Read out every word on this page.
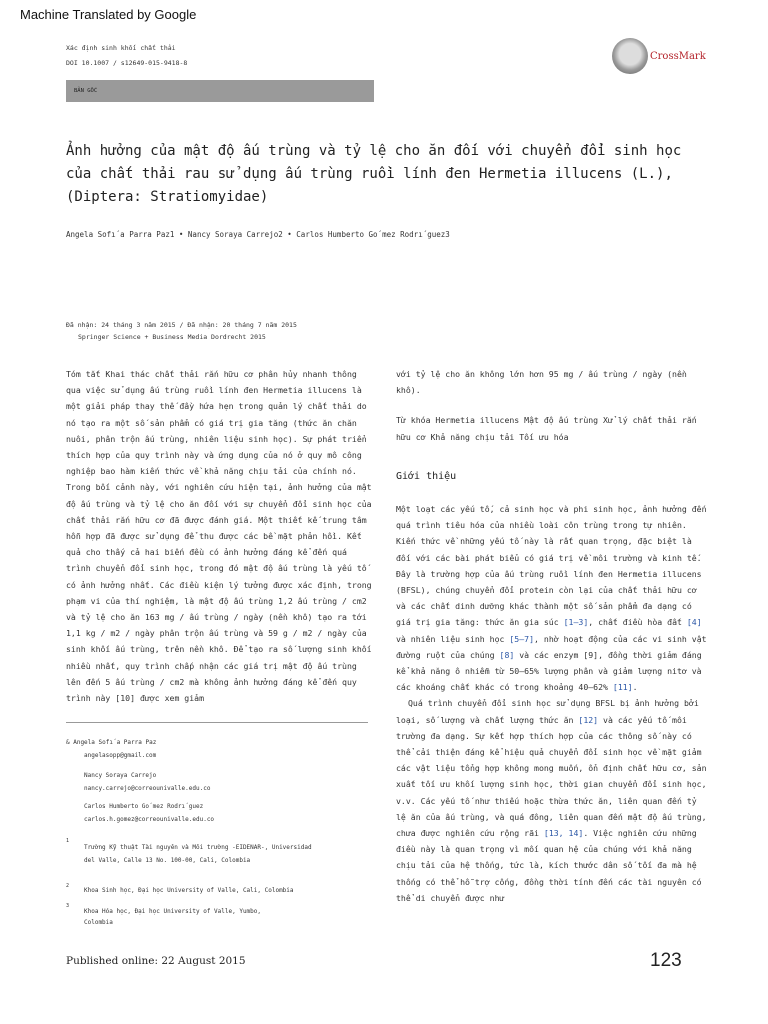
Machine Translated by Google
Xác định sinh khối chất thải
DOI 10.1007 / s12649-015-9418-8
CrossMark
BẢN GỐC
Ảnh hưởng của mật độ ấu trùng và tỷ lệ cho ăn đối với chuyển đổi sinh học của chất thải rau sử dụng ấu trùng ruồi lính đen Hermetia illucens (L.), (Diptera: Stratiomyidae)
Angela Sofı´a Parra Paz1 • Nancy Soraya Carrejo2 • Carlos Humberto Go´mez Rodrı´guez3
Đã nhận: 24 tháng 3 năm 2015 / Đã nhận: 20 tháng 7 năm 2015
Springer Science + Business Media Dordrecht 2015

Tóm tắt Khai thác chất thải rắn hữu cơ phân hủy nhanh thông qua việc sử dụng ấu trùng ruồi lính đen Hermetia illucens là một giải pháp thay thế đầy hứa hẹn trong quản lý chất thải do nó tạo ra một số sản phẩm có giá trị gia tăng (thức ăn chăn nuôi, phân trộn ấu trùng, nhiên liệu sinh học). Sự phát triển thích hợp của quy trình này và ứng dụng của nó ở quy mô công nghiệp bao hàm kiến thức về khả năng chịu tải của chính nó. Trong bối cảnh này, với nghiên cứu hiện tại, ảnh hưởng của mật độ ấu trùng và tỷ lệ cho ăn đối với sự chuyển đổi sinh học của chất thải rắn hữu cơ đã được đánh giá. Một thiết kế trung tâm hỗn hợp đã được sử dụng để thu được các bề mặt phản hồi. Kết quả cho thấy cả hai biến đều có ảnh hưởng đáng kể đến quá trình chuyển đổi sinh học, trong đó mật độ ấu trùng là yếu tố có ảnh hưởng nhất. Các điều kiện lý tưởng được xác định, trong phạm vi của thí nghiệm, là mật độ ấu trùng 1,2 ấu trùng / cm2 và tỷ lệ cho ăn 163 mg / ấu trùng / ngày (nền khô) tạo ra tới 1,1 kg / m2 / ngày phân trộn ấu trùng và 59 g / m2 / ngày của sinh khối ấu trùng, trên nền khô. Để tạo ra số lượng sinh khối nhiều nhất, quy trình chấp nhận các giá trị mật độ ấu trùng lên đến 5 ấu trùng / cm2 mà không ảnh hưởng đáng kể đến quy trình này [10] được xem giảm

với tỷ lệ cho ăn không lớn hơn 95 mg / ấu trùng / ngày (nền khô).

Từ khóa Hermetia illucens Mật độ ấu trùng Xử lý chất thải rắn hữu cơ Khả năng chịu tải Tối ưu hóa

Giới thiệu

Một loạt các yếu tố, cả sinh học và phi sinh học, ảnh hưởng đến quá trình tiêu hóa của nhiều loài côn trùng trong tự nhiên. Kiến thức về những yếu tố này là rất quan trọng, đặc biệt là đối với các bài phát biểu có giá trị về môi trường và kinh tế. Đây là trường hợp của ấu trùng ruồi lính đen Hermetia illucens (BFSL), chúng chuyển đổi protein còn lại của chất thải hữu cơ và các chất dinh dưỡng khác thành một số sản phẩm đa dạng có giá trị gia tăng: thức ăn gia súc [1–3], chất điều hòa đất [4] và nhiên liệu sinh học [5–7], nhờ hoạt động của các vi sinh vật đường ruột của chúng [8] và các enzym [9], đồng thời giảm đáng kể khả năng ô nhiễm từ 50–65% lượng phân và giảm lượng nitơ và các khoáng chất khác có trong khoảng 40–62% [11].

Quá trình chuyển đổi sinh học sử dụng BFSL bị ảnh hưởng bởi loại, số lượng và chất lượng thức ăn [12] và các yếu tố môi trường đa dạng. Sự kết hợp thích hợp của các thông số này có thể cải thiện đáng kể hiệu quả chuyển đổi sinh học về mặt giảm các vật liệu tổng hợp không mong muốn, ổn định chất hữu cơ, sản xuất tối ưu khối lượng sinh học, thời gian chuyển đổi sinh học, v.v. Các yếu tố như thiếu hoặc thừa thức ăn, liên quan đến tỷ lệ ăn của ấu trùng, và quá đông, liên quan đến mật độ ấu trùng, chưa được nghiên cứu rộng rãi [13, 14]. Việc nghiên cứu những điều này là quan trọng vì mối quan hệ của chúng với khả năng chịu tải của hệ thống, tức là, kích thước dân số tối đa mà hệ thống có thể hỗ trợ cống, đồng thời tính đến các tài nguyên có thể di chuyển được như

& Angela Sofı´a Parra Paz
angelasopp@gmail.com
Nancy Soraya Carrejo
nancy.carrejo@correounivalle.edu.co
Carlos Humberto Go´mez Rodrı´guez
carlos.h.gomez@correounivalle.edu.co
1
Trường Kỹ thuật Tài nguyên và Môi trường -EIDENAR-, Universidad del Valle, Calle 13 No. 100-00, Cali, Colombia
2
Khoa Sinh học, Đại học University of Valle, Cali, Colombia
3
Khoa Hóa học, Đại học University of Valle, Yumbo, Colombia
Published online: 22 August 2015	123
